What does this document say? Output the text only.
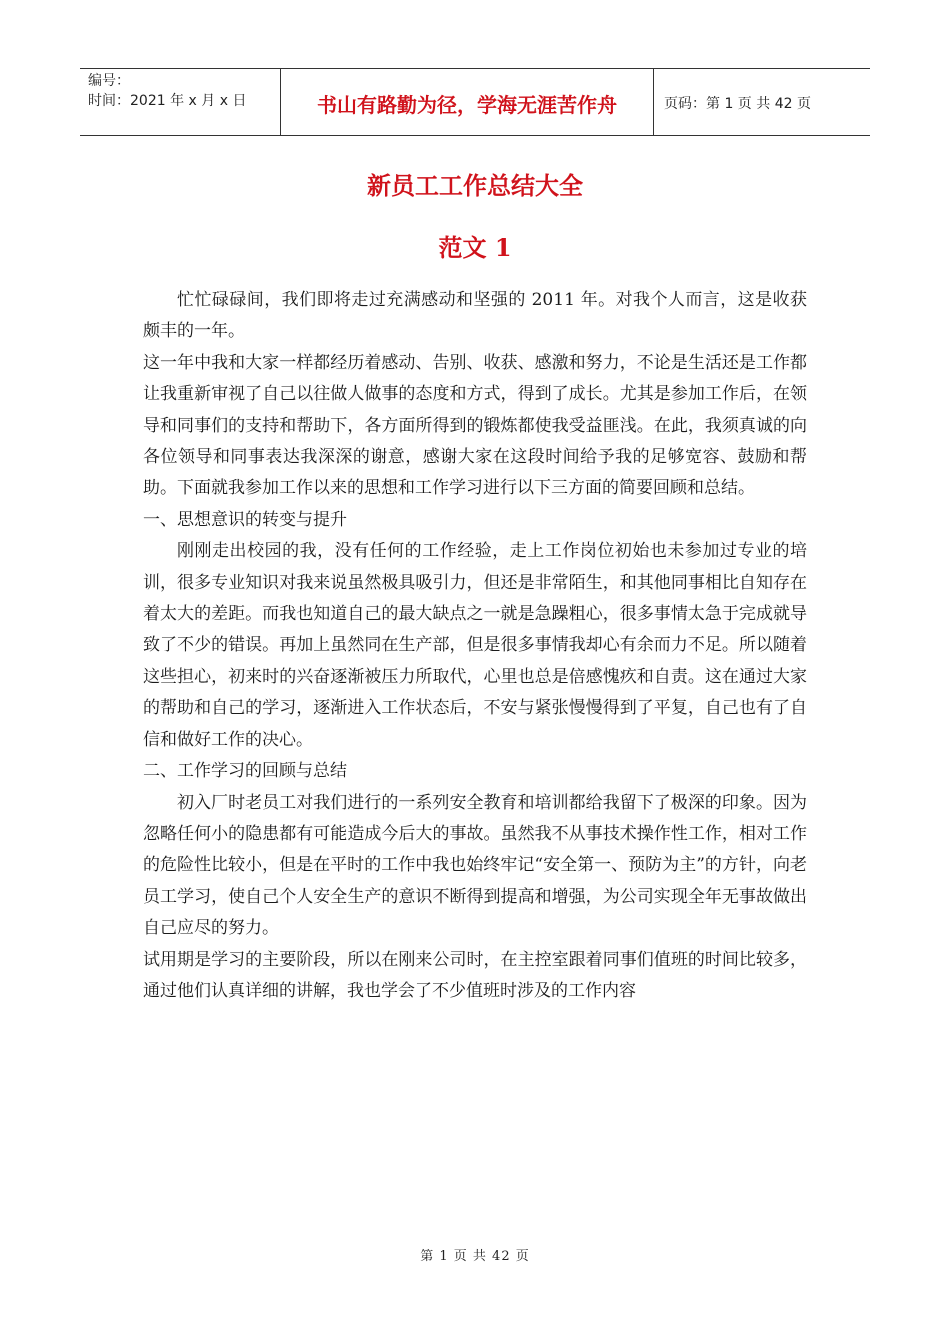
编号：
时间：2021 年 x 月 x 日	书山有路勤为径，学海无涯苦作舟	页码：第 1 页 共 42 页
新员工工作总结大全
范文 1

忙忙碌碌间，我们即将走过充满感动和坚强的 2011 年。对我个人而言，这是收获颇丰的一年。

这一年中我和大家一样都经历着感动、告别、收获、感激和努力，不论是生活还是工作都让我重新审视了自己以往做人做事的态度和方式，得到了成长。尤其是参加工作后，在领导和同事们的支持和帮助下，各方面所得到的锻炼都使我受益匪浅。在此，我须真诚的向各位领导和同事表达我深深的谢意，感谢大家在这段时间给予我的足够宽容、鼓励和帮助。下面就我参加工作以来的思想和工作学习进行以下三方面的简要回顾和总结。

一、思想意识的转变与提升

刚刚走出校园的我，没有任何的工作经验，走上工作岗位初始也未参加过专业的培训，很多专业知识对我来说虽然极具吸引力，但还是非常陌生，和其他同事相比自知存在着太大的差距。而我也知道自己的最大缺点之一就是急躁粗心，很多事情太急于完成就导致了不少的错误。再加上虽然同在生产部，但是很多事情我却心有余而力不足。所以随着这些担心，初来时的兴奋逐渐被压力所取代，心里也总是倍感愧疚和自责。这在通过大家的帮助和自己的学习，逐渐进入工作状态后，不安与紧张慢慢得到了平复，自己也有了自信和做好工作的决心。

二、工作学习的回顾与总结

初入厂时老员工对我们进行的一系列安全教育和培训都给我留下了极深的印象。因为忽略任何小的隐患都有可能造成今后大的事故。虽然我不从事技术操作性工作，相对工作的危险性比较小，但是在平时的工作中我也始终牢记“安全第一、预防为主”的方针，向老员工学习，使自己个人安全生产的意识不断得到提高和增强，为公司实现全年无事故做出自己应尽的努力。

试用期是学习的主要阶段，所以在刚来公司时，在主控室跟着同事们值班的时间比较多，通过他们认真详细的讲解，我也学会了不少值班时涉及的工作内容

第 1 页 共 42 页
